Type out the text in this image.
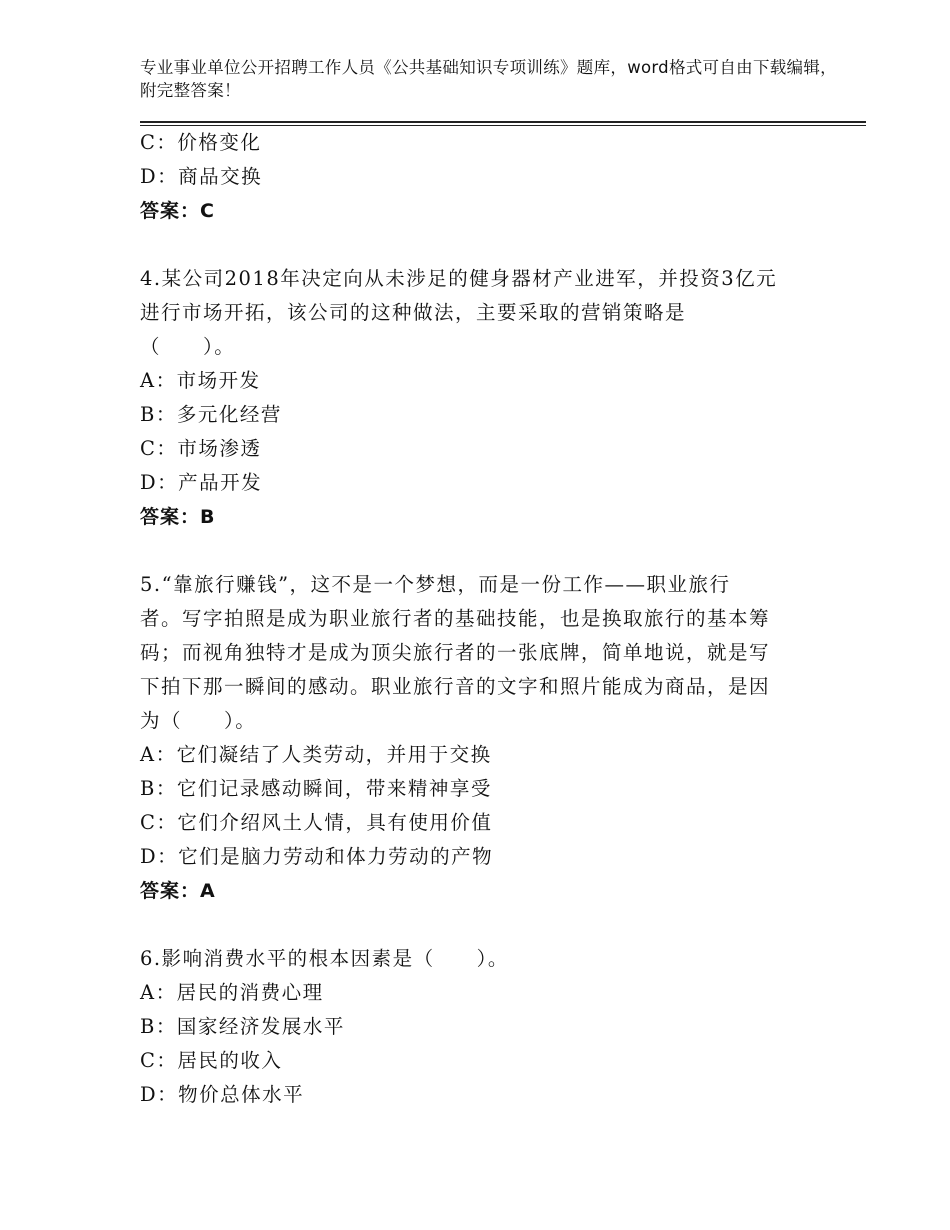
专业事业单位公开招聘工作人员《公共基础知识专项训练》题库，word格式可自由下载编辑，附完整答案！
C：价格变化
D：商品交换
答案：C
4.某公司2018年决定向从未涉足的健身器材产业进军，并投资3亿元
进行市场开拓，该公司的这种做法，主要采取的营销策略是
（　　）。
A：市场开发
B：多元化经营
C：市场渗透
D：产品开发
答案：B
5.“靠旅行赚钱”，这不是一个梦想，而是一份工作——职业旅行
者。写字拍照是成为职业旅行者的基础技能，也是换取旅行的基本筹
码；而视角独特才是成为顶尖旅行者的一张底牌，简单地说，就是写
下拍下那一瞬间的感动。职业旅行音的文字和照片能成为商品，是因
为（　　）。
A：它们凝结了人类劳动，并用于交换
B：它们记录感动瞬间，带来精神享受
C：它们介绍风土人情，具有使用价值
D：它们是脑力劳动和体力劳动的产物
答案：A
6.影响消费水平的根本因素是（　　）。
A：居民的消费心理
B：国家经济发展水平
C：居民的收入
D：物价总体水平
